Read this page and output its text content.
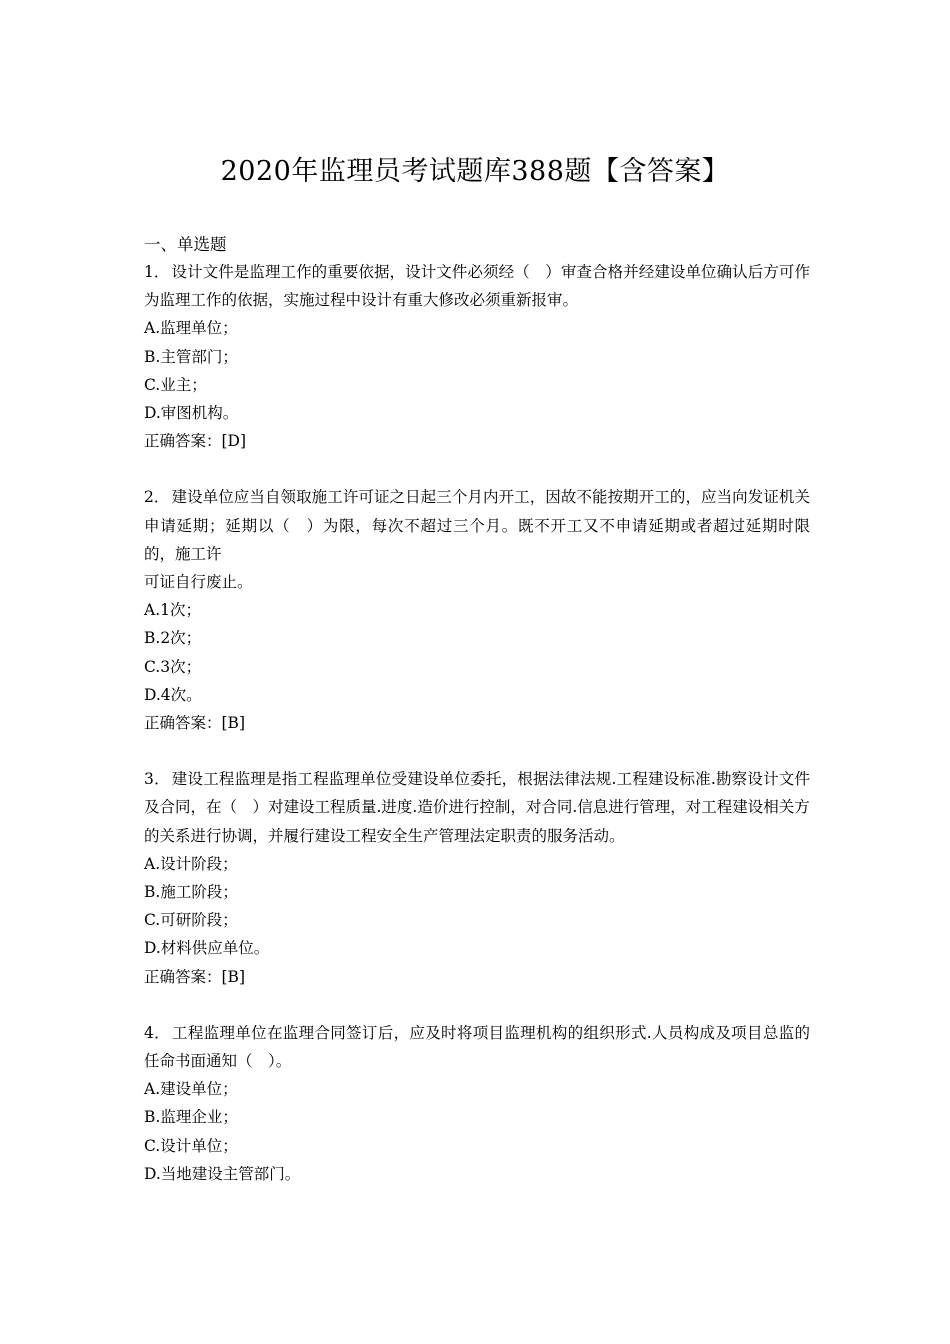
2020年监理员考试题库388题【含答案】

一、单选题

1． 设计文件是监理工作的重要依据，设计文件必须经（　）审查合格并经建设单位确认后方可作为监理工作的依据，实施过程中设计有重大修改必须重新报审。

A.监理单位；

B.主管部门；

C.业主；

D.审图机构。

正确答案：[D]

2． 建设单位应当自领取施工许可证之日起三个月内开工，因故不能按期开工的，应当向发证机关申请延期；延期以（　）为限，每次不超过三个月。既不开工又不申请延期或者超过延期时限的，施工许

可证自行废止。

A.1次；

B.2次；

C.3次；

D.4次。

正确答案：[B]

3． 建设工程监理是指工程监理单位受建设单位委托，根据法律法规.工程建设标准.勘察设计文件及合同，在（　）对建设工程质量.进度.造价进行控制，对合同.信息进行管理，对工程建设相关方

的关系进行协调，并履行建设工程安全生产管理法定职责的服务活动。

A.设计阶段；

B.施工阶段；

C.可研阶段；

D.材料供应单位。

正确答案：[B]

4． 工程监理单位在监理合同签订后，应及时将项目监理机构的组织形式.人员构成及项目总监的任命书面通知（　）。

A.建设单位；

B.监理企业；

C.设计单位；

D.当地建设主管部门。
